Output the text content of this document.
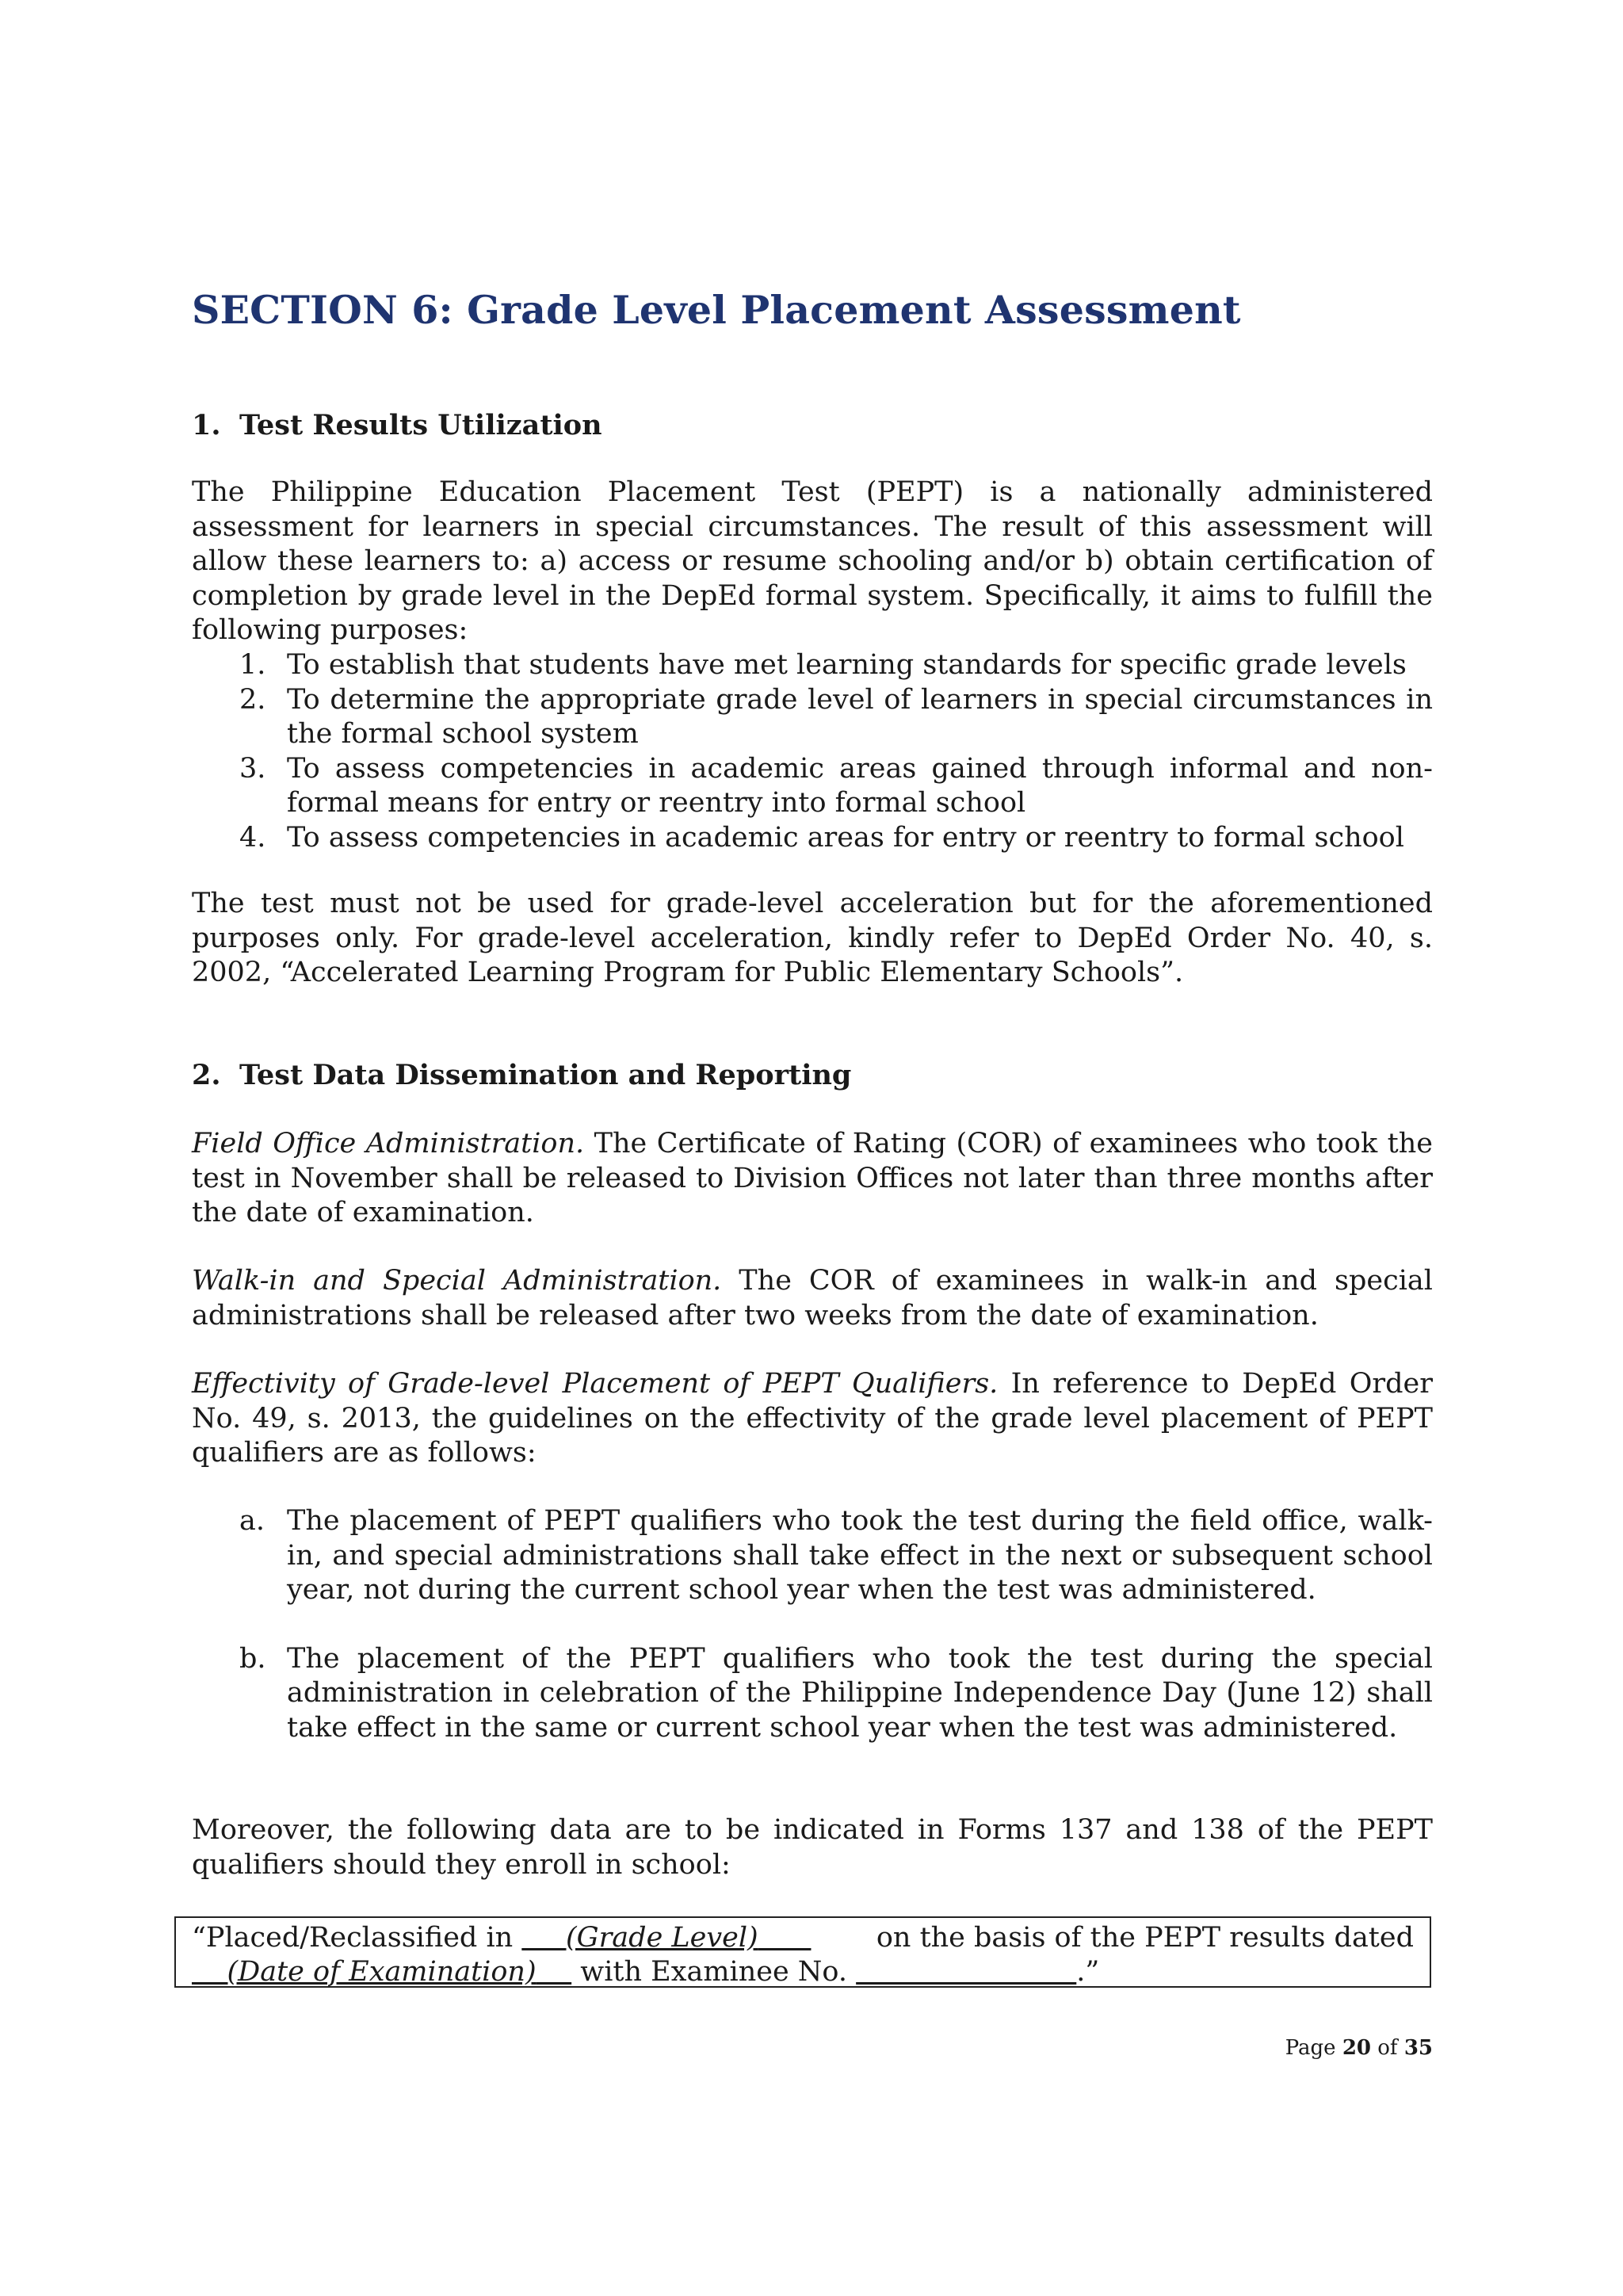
SECTION 6: Grade Level Placement Assessment
1. Test Results Utilization

The Philippine Education Placement Test (PEPT) is a nationally administered assessment for learners in special circumstances. The result of this assessment will allow these learners to: a) access or resume schooling and/or b) obtain certification of completion by grade level in the DepEd formal system. Specifically, it aims to fulfill the following purposes:

1. To establish that students have met learning standards for specific grade levels
2. To determine the appropriate grade level of learners in special circumstances in the formal school system
3. To assess competencies in academic areas gained through informal and non-formal means for entry or reentry into formal school
4. To assess competencies in academic areas for entry or reentry to formal school

The test must not be used for grade-level acceleration but for the aforementioned purposes only. For grade-level acceleration, kindly refer to DepEd Order No. 40, s. 2002, “Accelerated Learning Program for Public Elementary Schools”.

2. Test Data Dissemination and Reporting

Field Office Administration. The Certificate of Rating (COR) of examinees who took the test in November shall be released to Division Offices not later than three months after the date of examination.

Walk-in and Special Administration. The COR of examinees in walk-in and special administrations shall be released after two weeks from the date of examination.

Effectivity of Grade-level Placement of PEPT Qualifiers. In reference to DepEd Order No. 49, s. 2013, the guidelines on the effectivity of the grade level placement of PEPT qualifiers are as follows:

a. The placement of PEPT qualifiers who took the test during the field office, walk-in, and special administrations shall take effect in the next or subsequent school year, not during the current school year when the test was administered.
b. The placement of the PEPT qualifiers who took the test during the special administration in celebration of the Philippine Independence Day (June 12) shall take effect in the same or current school year when the test was administered.

Moreover, the following data are to be indicated in Forms 137 and 138 of the PEPT qualifiers should they enroll in school:

“Placed/Reclassified in      (Grade Level)	on the basis of the PEPT results dated
(Date of Examination)     with Examinee No.	.”
Page 20 of 35
